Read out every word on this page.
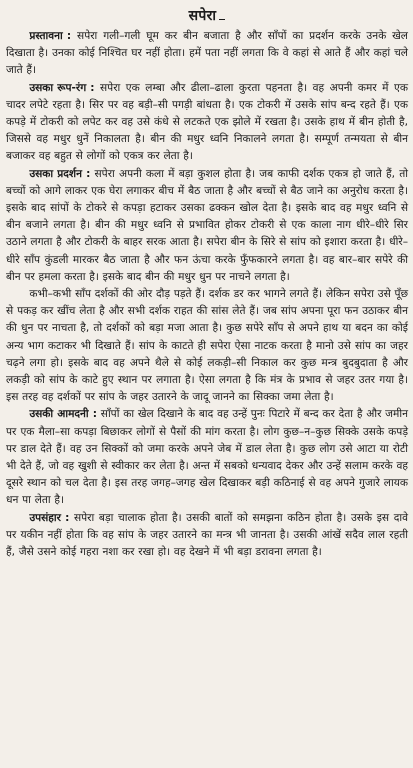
सपेरा

प्रस्तावना : सपेरा गली–गली घूम कर बीन बजाता है और साँपों का प्रदर्शन करके उनके खेल दिखाता है। उनका कोई निश्चित घर नहीं होता। हमें पता नहीं लगता कि वे कहां से आते हैं और कहां चले जाते हैं।

उसका रूप-रंग : सपेरा एक लम्बा और ढीला–ढाला कुरता पहनता है। वह अपनी कमर में एक चादर लपेटे रहता है। सिर पर वह बड़ी–सी पगड़ी बांधता है। एक टोकरी में उसके सांप बन्द रहते हैं। एक कपड़े में टोकरी को लपेट कर वह उसे कंधे से लटकते एक झोले में रखता है। उसके हाथ में बीन होती है, जिससे वह मधुर धुनें निकालता है। बीन की मधुर ध्वनि निकालने लगता है। सम्पूर्ण तन्मयता से बीन बजाकर वह बहुत से लोगों को एकत्र कर लेता है।

उसका प्रदर्शन : सपेरा अपनी कला में बड़ा कुशल होता है। जब काफी दर्शक एकत्र हो जाते हैं, तो बच्चों को आगे लाकर एक घेरा लगाकर बीच में बैठ जाता है और बच्चों से बैठ जाने का अनुरोध करता है। इसके बाद सांपों के टोकरे से कपड़ा हटाकर उसका ढक्कन खोल देता है। इसके बाद वह मधुर ध्वनि से बीन बजाने लगता है। बीन की मधुर ध्वनि से प्रभावित होकर टोकरी से एक काला नाग धीरे–धीरे सिर उठाने लगता है और टोकरी के बाहर सरक आता है। सपेरा बीन के सिरे से सांप को इशारा करता है। धीरे–धीरे साँप कुंडली मारकर बैठ जाता है और फन ऊंचा करके फुँफकारने लगता है। वह बार–बार सपेरे की बीन पर हमला करता है। इसके बाद बीन की मधुर धुन पर नाचने लगता है।

कभी–कभी साँप दर्शकों की ओर दौड़ पड़ते हैं। दर्शक डर कर भागने लगते हैं। लेकिन सपेरा उसे पूँछ से पकड़ कर खींच लेता है और सभी दर्शक राहत की सांस लेते हैं। जब सांप अपना पूरा फन उठाकर बीन की धुन पर नाचता है, तो दर्शकों को बड़ा मजा आता है। कुछ सपेरे साँप से अपने हाथ या बदन का कोई अन्य भाग कटाकर भी दिखाते हैं। सांप के काटते ही सपेरा ऐसा नाटक करता है मानो उसे सांप का जहर चढ़ने लगा हो। इसके बाद वह अपने थैले से कोई लकड़ी–सी निकाल कर कुछ मन्त्र बुदबुदाता है और लकड़ी को सांप के काटे हुए स्थान पर लगाता है। ऐसा लगता है कि मंत्र के प्रभाव से जहर उतर गया है। इस तरह वह दर्शकों पर सांप के जहर उतारने के जादू जानने का सिक्का जमा लेता है।

उसकी आमदनी : साँपों का खेल दिखाने के बाद वह उन्हें पुनः पिटारे में बन्द कर देता है और जमीन पर एक मैला–सा कपड़ा बिछाकर लोगों से पैसों की मांग करता है। लोग कुछ–न–कुछ सिक्के उसके कपड़े पर डाल देते हैं। वह उन सिक्कों को जमा करके अपने जेब में डाल लेता है। कुछ लोग उसे आटा या रोटी भी देते हैं, जो वह खुशी से स्वीकार कर लेता है। अन्त में सबको धन्यवाद देकर और उन्हें सलाम करके वह दूसरे स्थान को चल देता है। इस तरह जगह–जगह खेल दिखाकर बड़ी कठिनाई से वह अपने गुजारे लायक धन पा लेता है।

उपसंहार : सपेरा बड़ा चालाक होता है। उसकी बातों को समझना कठिन होता है। उसके इस दावे पर यकीन नहीं होता कि वह सांप के जहर उतारने का मन्त्र भी जानता है। उसकी आंखें सदैव लाल रहती हैं, जैसे उसने कोई गहरा नशा कर रखा हो। वह देखने में भी बड़ा डरावना लगता है।
